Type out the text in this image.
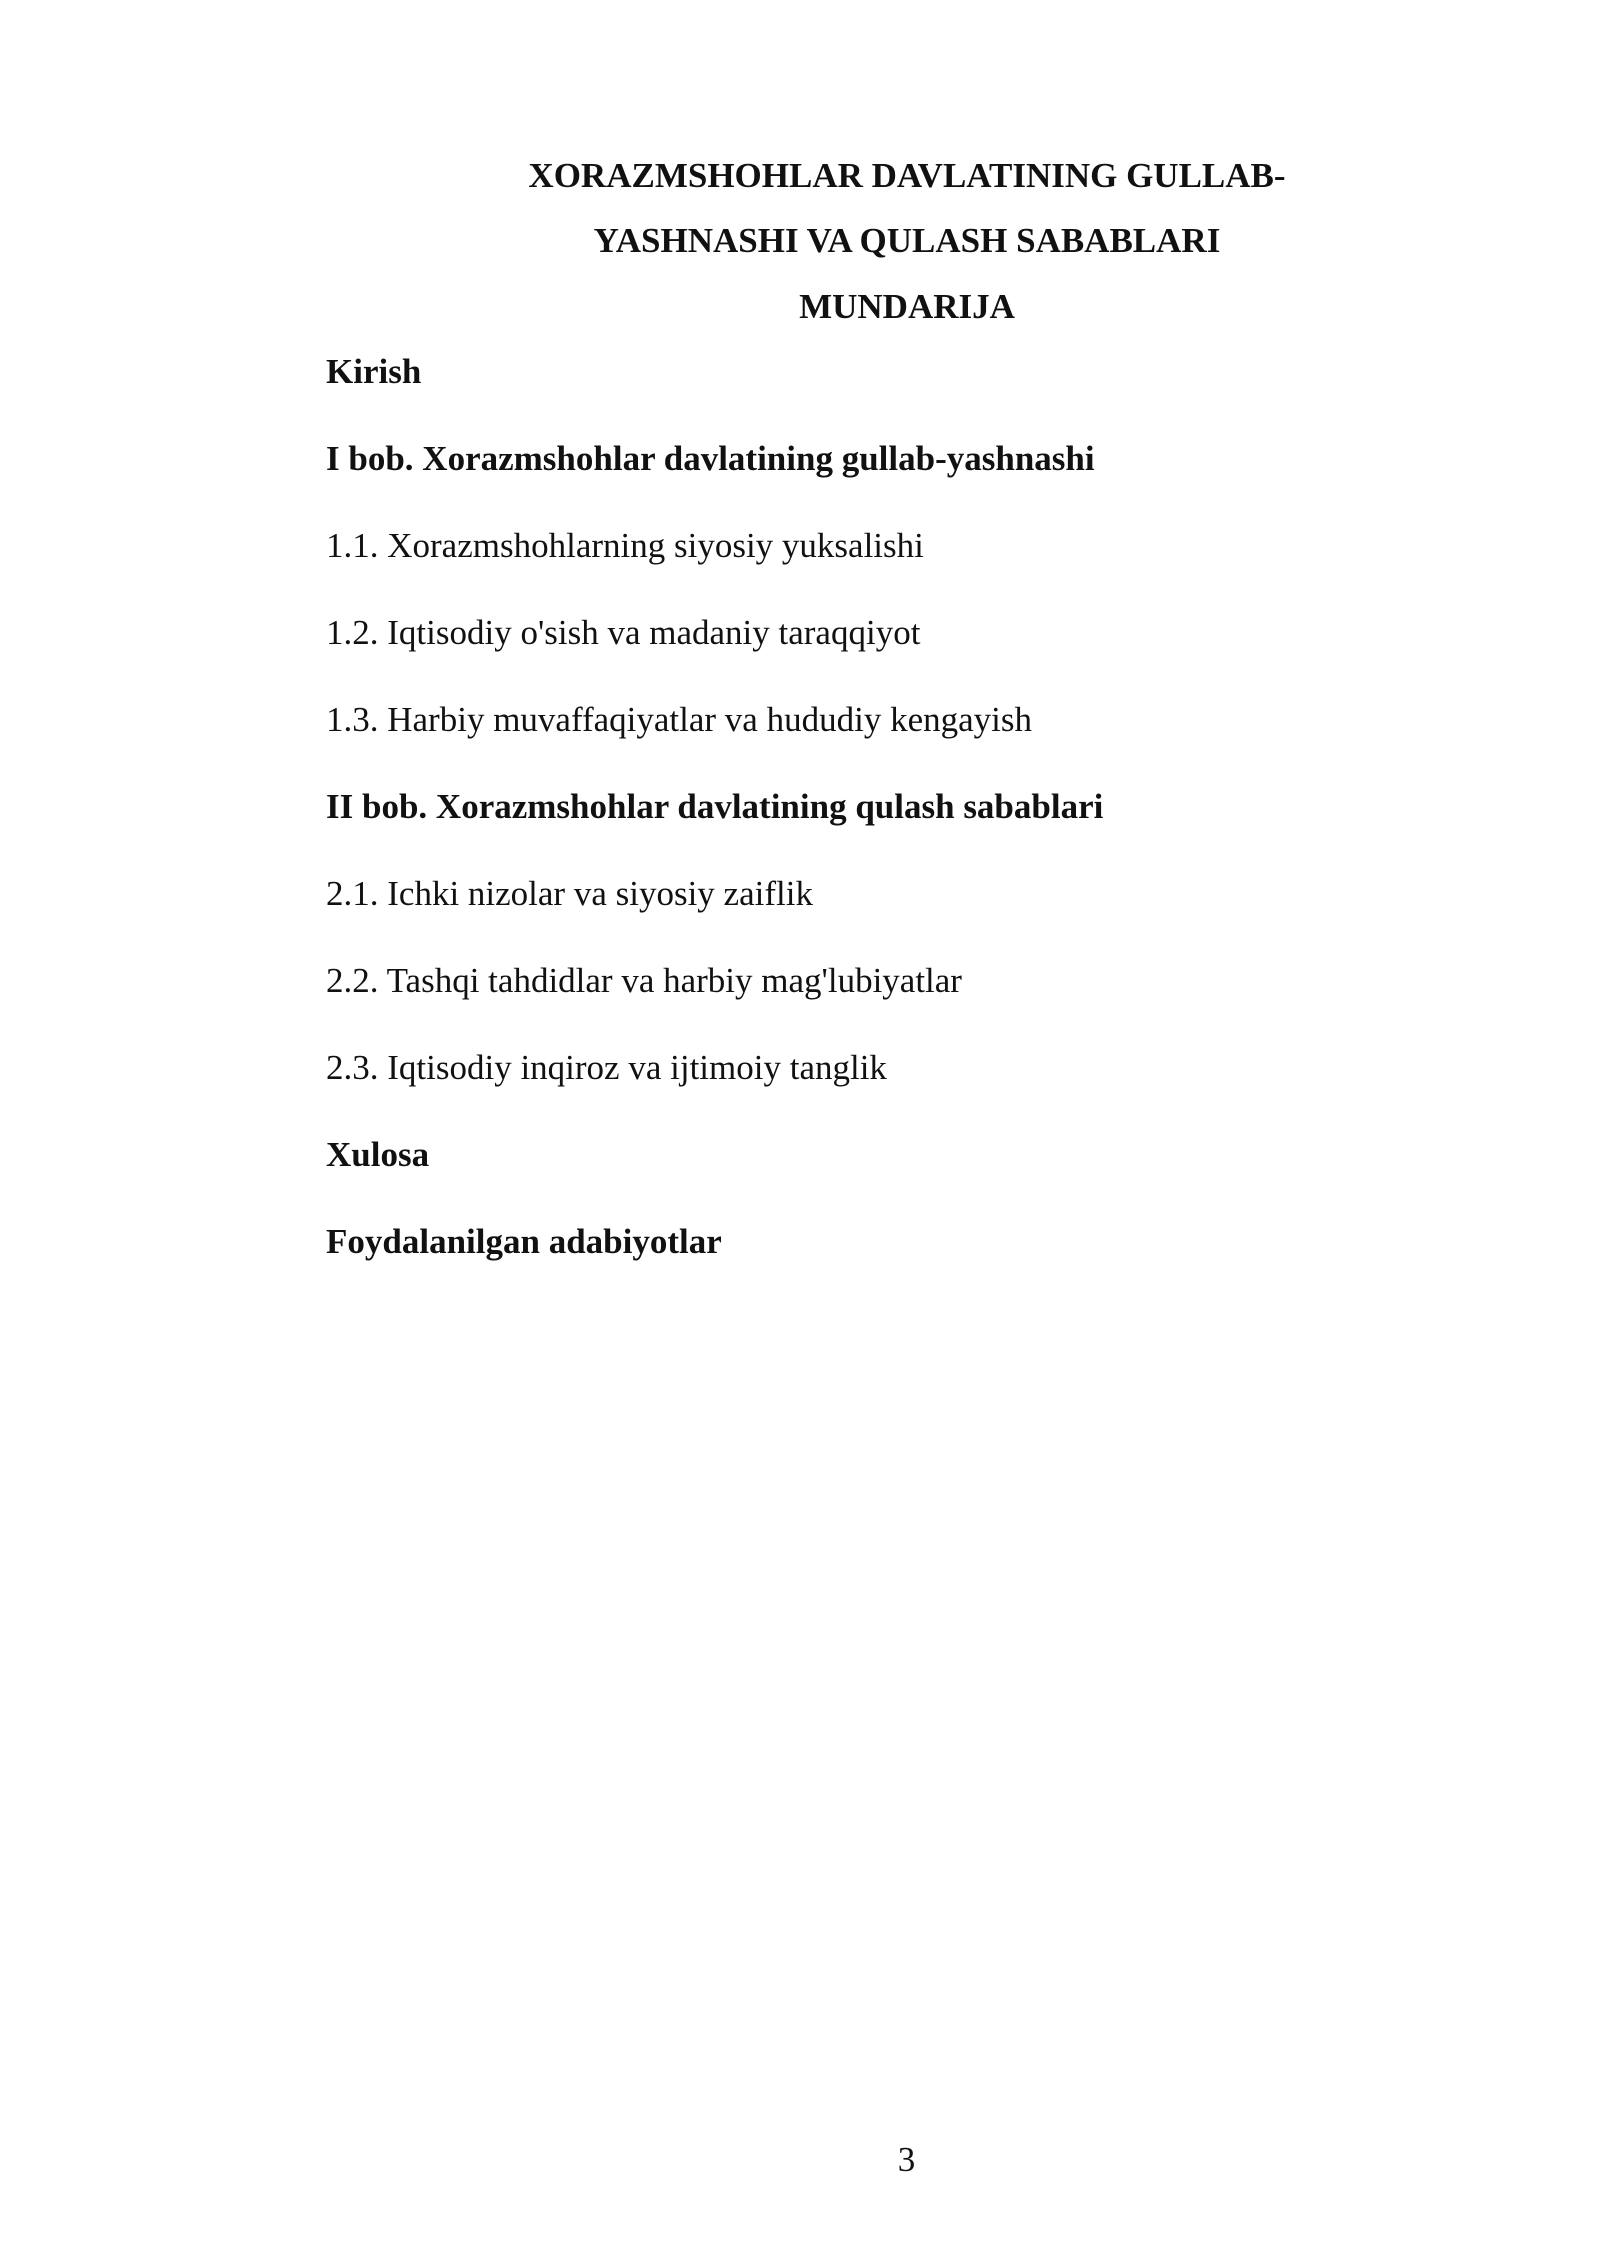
XORAZMSHOHLAR DAVLATINING GULLAB-
YASHNASHI VA QULASH SABABLARI
MUNDARIJA
Kirish
I bob. Xorazmshohlar davlatining gullab-yashnashi
1.1. Xorazmshohlarning siyosiy yuksalishi
1.2. Iqtisodiy o'sish va madaniy taraqqiyot
1.3. Harbiy muvaffaqiyatlar va hududiy kengayish
II bob. Xorazmshohlar davlatining qulash sabablari
2.1. Ichki nizolar va siyosiy zaiflik
2.2. Tashqi tahdidlar va harbiy mag'lubiyatlar
2.3. Iqtisodiy inqiroz va ijtimoiy tanglik
Xulosa
Foydalanilgan adabiyotlar
3
